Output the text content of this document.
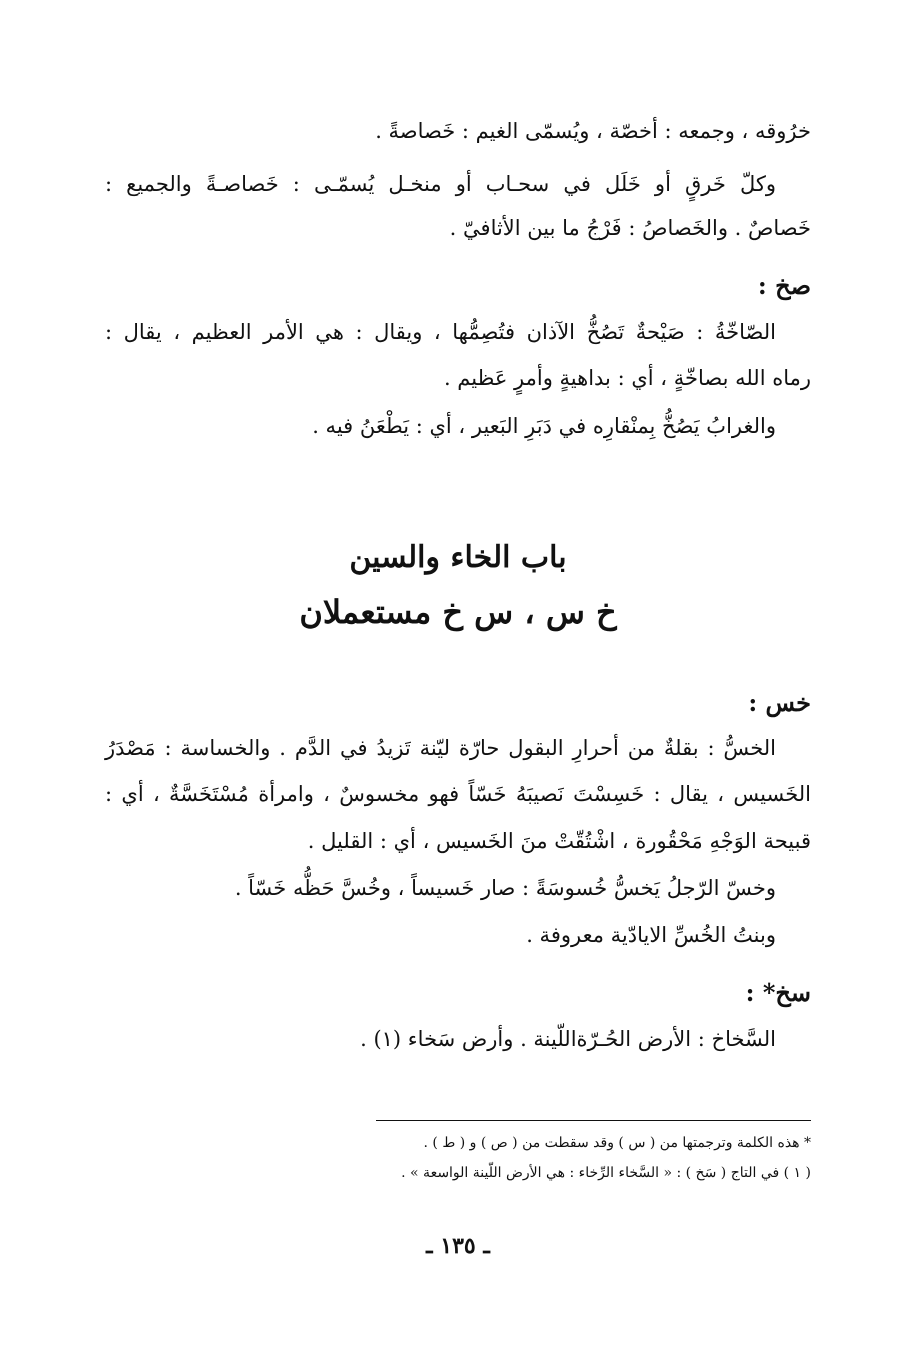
خرُوقه ، وجمعه : أخصّة ، ويُسمّى الغيم : خَصاصةً .
وكلّ خَرقٍ أو خَلَل في سحـاب أو منخـل يُسمّـى : خَصاصـةً والجميع :
خَصاصٌ . والخَصاصُ : فَرْجُ ما بين الأثافيّ .
صخ :
الصّاخّةُ : صَيْحةٌ تَصُخُّ الآذان فتُصِمُّها ، ويقال : هي الأمر العظيم ، يقال :
رماه الله بصاخّةٍ ، أي : بداهيةٍ وأمرٍ عَظيم .
والغرابُ يَصُخُّ بِمنْقارِه في دَبَرِ البَعير ، أي : يَطْعَنُ فيه .
باب الخاء والسين
خ س ، س خ مستعملان
خس :
الخسُّ : بقلةٌ من أحرارِ البقول حارّة ليّنة تَزيدُ في الدَّم . والخساسة : مَصْدَرُ
الخَسيس ، يقال : خَسِسْتَ نَصيبَهُ خَسّاً فهو مخسوسٌ ، وامرأة مُسْتَخَسَّةٌ ، أي :
قبيحة الوَجْهِ مَحْقُورة ، اشْتُقّتْ منَ الخَسيس ، أي : القليل .
وخسّ الرّجلُ يَخسُّ خُسوسَةً : صار خَسيساً ، وخُسَّ حَظُّه خَسّاً .
وبنتُ الخُسِّ الايادّية معروفة .
سخ* :
السَّخاخ : الأرض الحُـرّةاللّينة . وأرض سَخاء (١) .
* هذه الكلمة وترجمتها من ( س ) وقد سقطت من ( ص ) و ( ط ) .
( ١ ) في التاج ( سَخ ) : « السَّخاء الرِّخاء : هي الأرض اللّينة الواسعة » .
ـ ١٣٥ ـ
